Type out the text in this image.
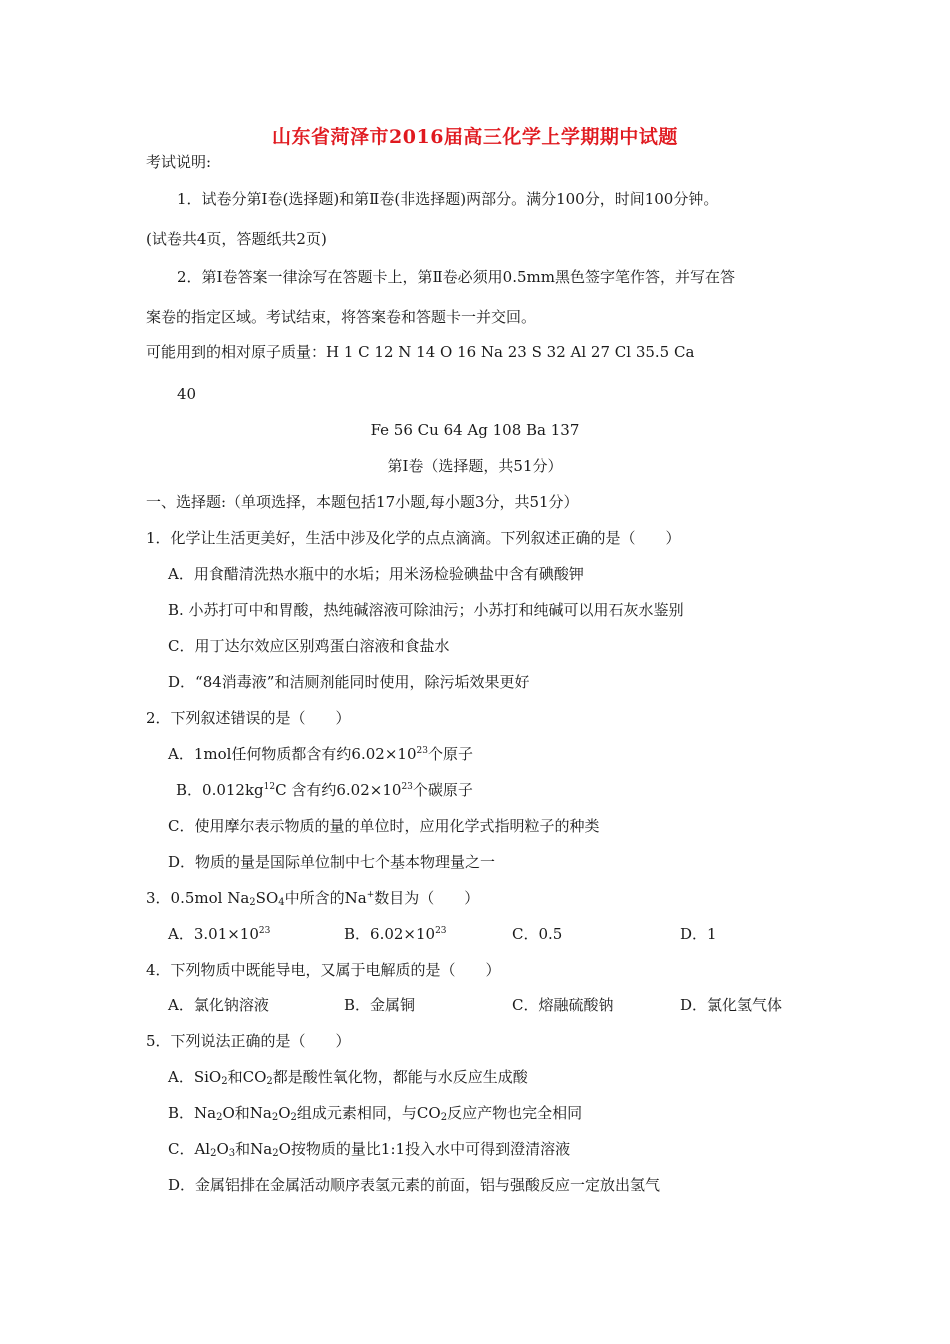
山东省菏泽市2016届高三化学上学期期中试题
考试说明:
1．试卷分第Ⅰ卷(选择题)和第Ⅱ卷(非选择题)两部分。满分100分，时间100分钟。
(试卷共4页，答题纸共2页)
2．第Ⅰ卷答案一律涂写在答题卡上，第Ⅱ卷必须用0.5mm黑色签字笔作答，并写在答
案卷的指定区域。考试结束，将答案卷和答题卡一并交回。
可能用到的相对原子质量：H 1 C 12 N 14 O 16 Na 23 S 32 Al 27 Cl 35.5 Ca
40
Fe 56 Cu 64 Ag 108 Ba 137
第Ⅰ卷（选择题，共51分）
一、选择题:（单项选择，本题包括17小题,每小题3分，共51分）
1．化学让生活更美好，生活中涉及化学的点点滴滴。下列叙述正确的是（　　）
A．用食醋清洗热水瓶中的水垢；用米汤检验碘盐中含有碘酸钾
B. 小苏打可中和胃酸，热纯碱溶液可除油污；小苏打和纯碱可以用石灰水鉴别
C．用丁达尔效应区别鸡蛋白溶液和食盐水
D．“84消毒液”和洁厕剂能同时使用，除污垢效果更好
2．下列叙述错误的是（　　）
A．1mol任何物质都含有约$6.02\times 10^{23}$个原子
B．$0.012kg^{12}C$ 含有约$6.02\times 10^{23}$个碳原子
C．使用摩尔表示物质的量的单位时，应用化学式指明粒子的种类
D．物质的量是国际单位制中七个基本物理量之一
3．0.5mol $Na_2SO_4$中所含的Na+数目为（　　）
A．$3.01\times 10^{23}$	B．$6.02\times 10^{23}$	C．0.5	D．1
4．下列物质中既能导电，又属于电解质的是（　　）
A．氯化钠溶液	B．金属铜	C．熔融硫酸钠	D．氯化氢气体
5．下列说法正确的是（　　）
A．SiO$_2$和$CO_2$都是酸性氧化物，都能与水反应生成酸
B．$Na_2O$和$Na_2O_2$组成元素相同，与$CO_2$反应产物也完全相同
C．$Al_2O_3$和$Na_2O$按物质的量比1:1投入水中可得到澄清溶液
D．金属铝排在金属活动顺序表氢元素的前面，铝与强酸反应一定放出氢气
